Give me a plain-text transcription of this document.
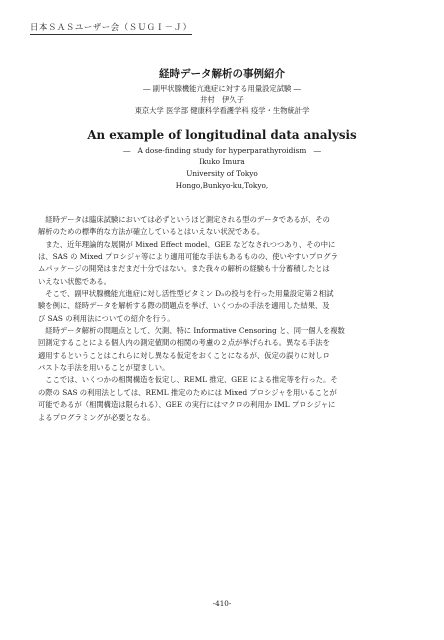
日本ＳＡＳユーザー会（ＳＵＧＩ－Ｊ）
経時データ解析の事例紹介
― 副甲状腺機能亢進症に対する用量設定試験 ―
井村　伊久子
東京大学 医学部 健康科学看護学科 疫学・生物統計学
An example of longitudinal data analysis
―　A dose-finding study for hyperparathyroidism　―
Ikuko Imura
University of Tokyo
Hongo,Bunkyo-ku,Tokyo,
　経時データは臨床試験においては必ずというほど測定される型のデータであるが、その
解析のための標準的な方法が確立しているとはいえない状況である。
　また、近年理論的な展開が Mixed Effect model、GEE などなされつつあり、その中に
は、SAS の Mixed プロシジャ等により適用可能な手法もあるものの、使いやすいプログラ
ムパッケージの開発はまだまだ十分ではない。また我々の解析の経験も十分蓄積したとは
いえない状態である。
　そこで、副甲状腺機能亢進症に対し活性型ビタミン D₃の投与を行った用量設定第２相試
験を例に、経時データを解析する際の問題点を挙げ、いくつかの手法を適用した結果、及
び SAS の利用法についての紹介を行う。
　経時データ解析の問題点として、欠測、特に Informative Censoring と、同一個人を複数
回測定することによる個人内の測定値間の相関の考慮の２点が挙げられる。異なる手法を
適用するということはこれらに対し異なる仮定をおくことになるが、仮定の誤りに対しロ
バストな手法を用いることが望ましい。
　ここでは、いくつかの相関構造を仮定し、REML 推定、GEE による推定等を行った。そ
の際の SAS の利用法としては、REML 推定のためには Mixed プロシジャを用いることが
可能であるが（相関構造は限られる）、GEE の実行にはマクロの利用か IML プロシジャに
よるプログラミングが必要となる。
-410-
